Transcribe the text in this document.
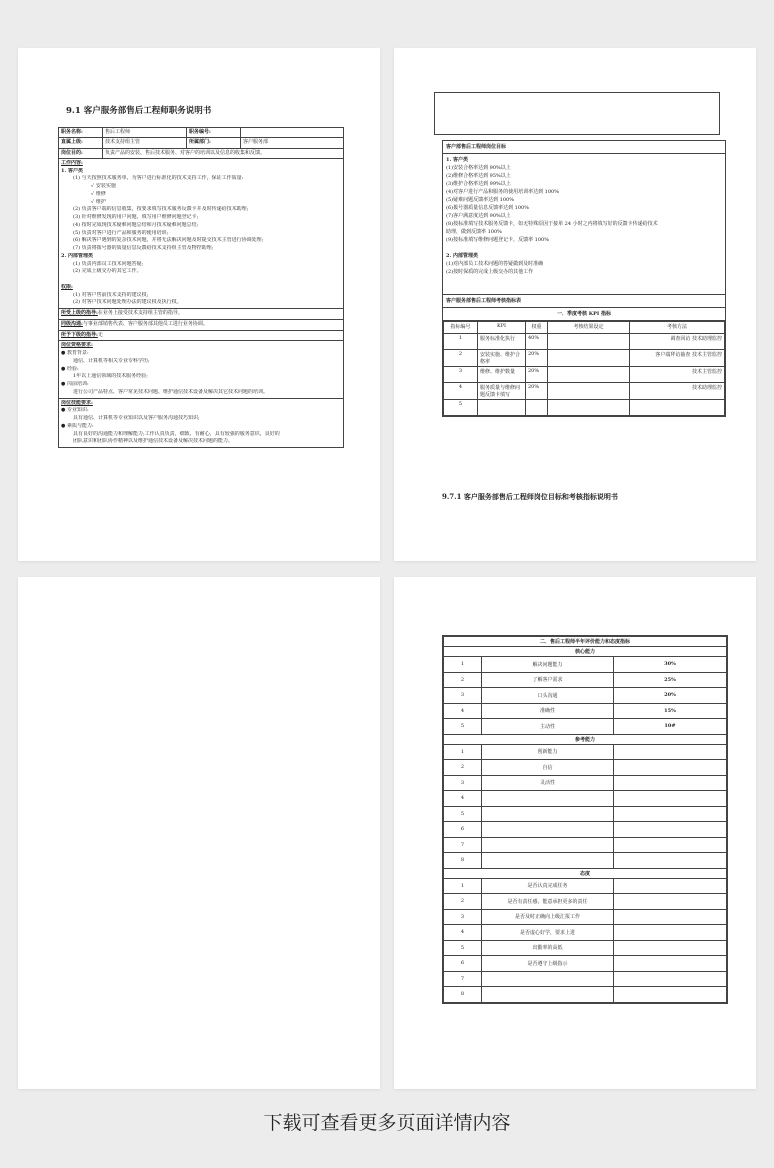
9.1 客户服务部售后工程师职务说明书
职务名称:	售后工程师	职务编号:
直属上级:	技术支持组主管	所属部门:	客户服务部
岗位目的:	负责产品的安装、售后技术服务、对客户的培训以及信息的收集和反馈。
工作内容:
1. 客户类
(1) 与天按照技术服务单，为客户进行标准化的技术支持工作，保证工作质量:
✓ 安装实施
✓ 维修
✓ 维护
(2) 负责客户端的信息收集，按要求填写技术服务反馈卡并及时传递给技术助理;
(3) 针对维修发现的用户问题，填写用户维修问题登记卡;
(4) 按时完成现技术疑难问题总结和月技术疑难问题总结;
(5) 负责对客户进行产品和服务的使用培训;
(6) 解决客户遇到的复杂技术问题，并将无法解决问题及时提交技术主管进行协调处理;
(7) 负责将拨号器的质量信息反馈给技术支持组主管及物控助理;
2. 内部管理类
(1) 负责内部员工技术问题答疑;
(2) 完成上级交办的其它工作。

权限:
(1) 对客户售前技术支持的建议权;
(2) 对客户技术问题处理办法的建议权及执行权。
所受上级的指导:在业务上接受技术支持组主管的指导。
同级沟通:与事业部销售代表、客户服务部其他员工进行业务协调。
所予下级的指导:无
岗位资格要求:
● 教育背景:
通信、计算机等相关专业专科学历;
● 经验:
1年以上通信领域的技术服务经验;
● 岗前培训:
进行公司产品特点、客户常见技术问题、维护通信技术设备及解决其它技术问题的培训。
岗位技能要求:
● 专业知识:
具有通信、计算机等专业知识以及客户服务沟通技巧知识;
● 素质与能力:
具有良好的沟通能力和理解能力;工作认真负责，细致、有耐心，具有较强的服务意识，良好的
团队意识和团队协作精神以及维护通信技术设备及解决技术问题的能力。
客户部售后工程师岗位目标
1. 客户类
(1)安装合格率达到 90%以上
(2)维修合格率达到 95%以上
(3)维护合格率达到 99%以上
(4)对客户进行产品和服务的使用培训率达到 100%
(5)疑难问题反馈率达到 100%
(6)拨号器质量信息反馈率达到 100%
(7)客户满意度达到 90%以上
(8)按标准填写技术服务反馈卡，如无特殊原因于接单 24 小时之内将填写好的反馈卡传递给技术
助理，做到反馈率 100%
(9)按标准填写维修问题登记卡，反馈率 100%

2. 内部管理类
(1)对内部员工技术问题的答疑做到及时准确
(2)按时保质的完成上级交办的其他工作

客户服务部售后工程师考核指标表
一．季度考核 KPI 指标
指标编号	KPI	权重	考核结果设定	考核方法
1	服务标准化执行	40%		调查回访 技术助理监控
2	安装实施、维护合格率	20%		客户端拜访抽查 技术主管监控
3	维修、维护数量	20%		技术主管监控
4	服务质量与维修问题反馈卡填写	20%		技术助理监控
5				
9.7.1 客户服务部售后工程师岗位目标和考核指标说明书
二．售后工程师半年评价能力和态度指标		
核心能力		
1	解决问题能力	30%
2	了解客户需求	25%
3	口头沟通	20%
4	准确性	15%
5	主动性	10#
参考能力		
1	创新能力	
2	自信	
3	灵活性	
4		
5		
6		
7		
8		
态度		
1	是否认真完成任务	
2	是否有责任感，能意承担更多的责任	
3	是否及时正确向上级汇报工作	
4	是否虚心好学，要求上进	
5	出勤率的高低	
6	是否遵守上级指示	
7		
8		
下载可查看更多页面详情内容
